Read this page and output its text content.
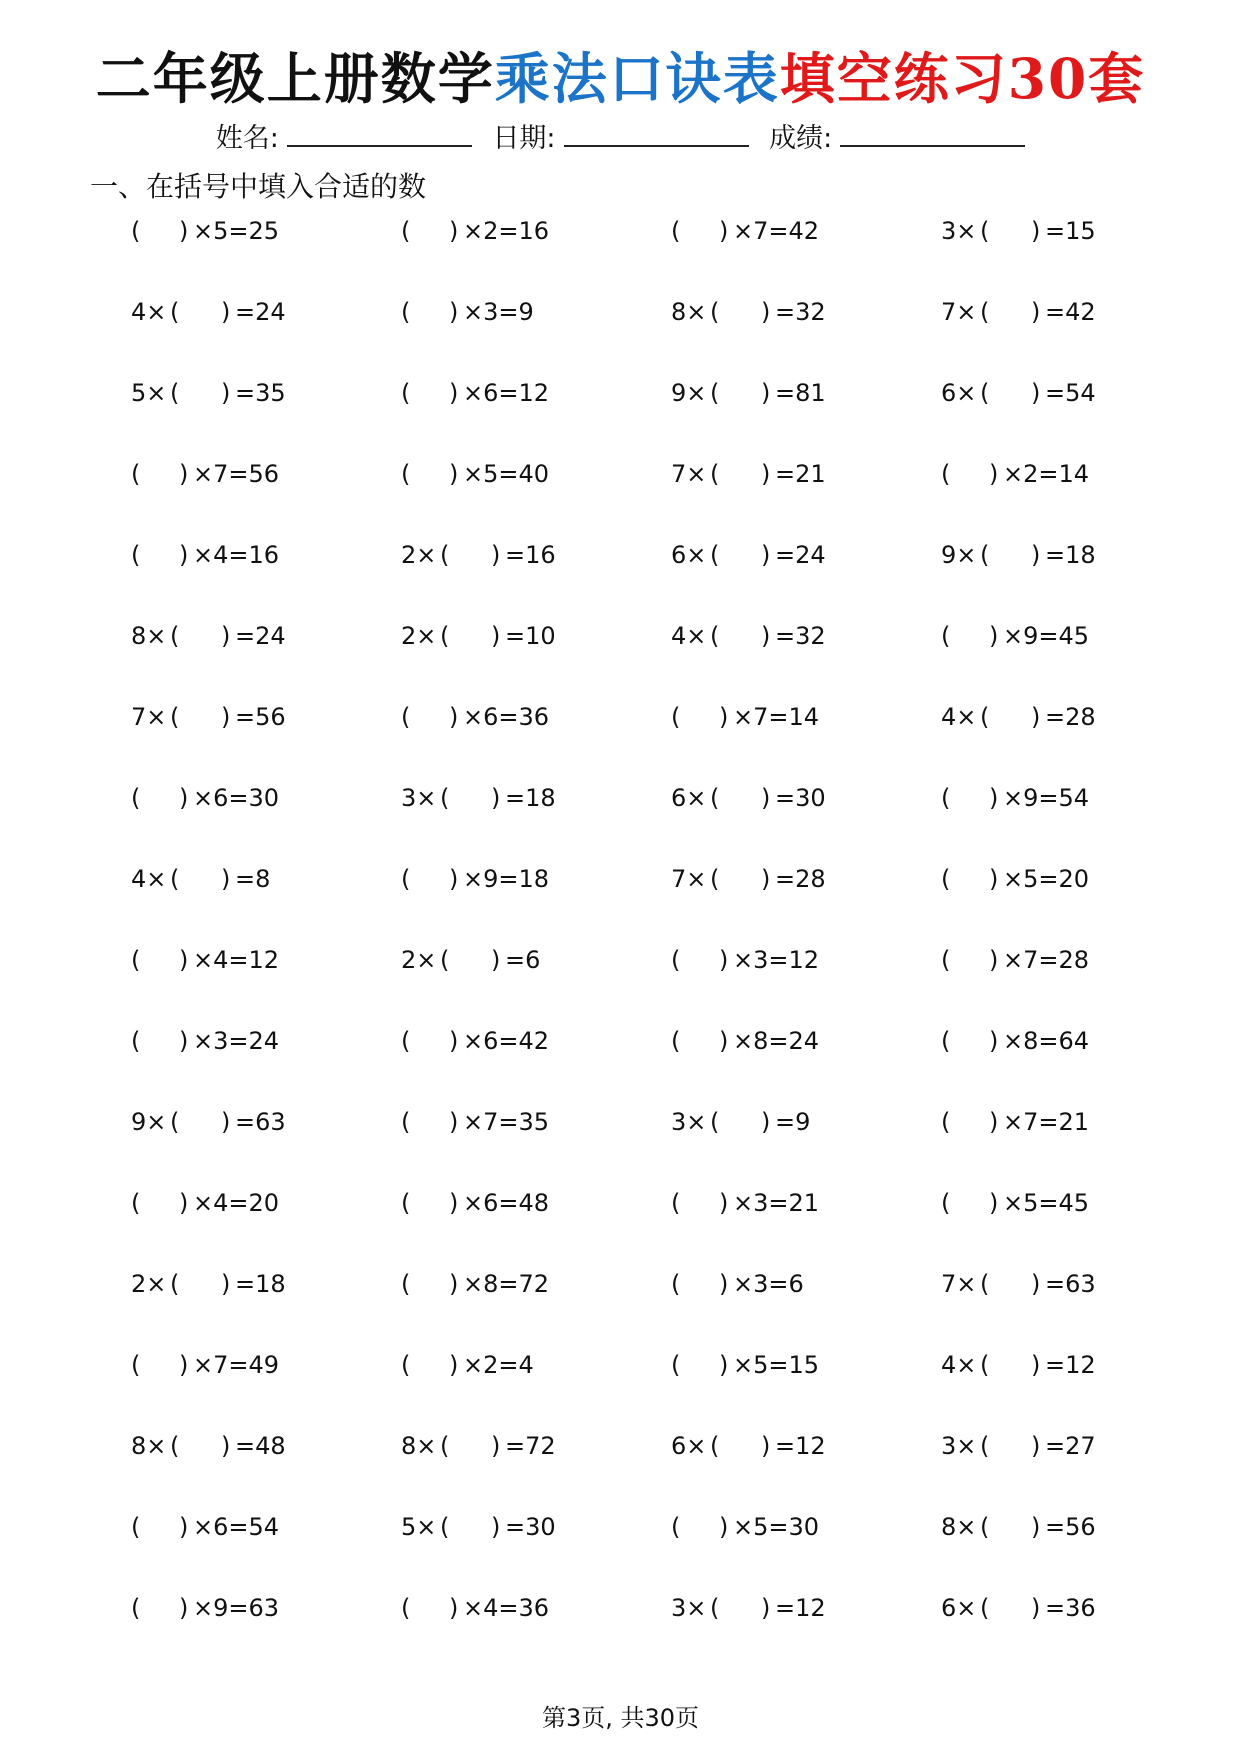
二年级上册数学乘法口诀表填空练习30套
姓名:	日期:	成绩:
一、在括号中填入合适的数
( ) ×5=25	( ) ×2=16	( ) ×7=42	3× ( ) =15
4× ( ) =24	( ) ×3=9	8× ( ) =32	7× ( ) =42
5× ( ) =35	( ) ×6=12	9× ( ) =81	6× ( ) =54
( ) ×7=56	( ) ×5=40	7× ( ) =21	( ) ×2=14
( ) ×4=16	2× ( ) =16	6× ( ) =24	9× ( ) =18
8× ( ) =24	2× ( ) =10	4× ( ) =32	( ) ×9=45
7× ( ) =56	( ) ×6=36	( ) ×7=14	4× ( ) =28
( ) ×6=30	3× ( ) =18	6× ( ) =30	( ) ×9=54
4× ( ) =8	( ) ×9=18	7× ( ) =28	( ) ×5=20
( ) ×4=12	2× ( ) =6	( ) ×3=12	( ) ×7=28
( ) ×3=24	( ) ×6=42	( ) ×8=24	( ) ×8=64
9× ( ) =63	( ) ×7=35	3× ( ) =9	( ) ×7=21
( ) ×4=20	( ) ×6=48	( ) ×3=21	( ) ×5=45
2× ( ) =18	( ) ×8=72	( ) ×3=6	7× ( ) =63
( ) ×7=49	( ) ×2=4	( ) ×5=15	4× ( ) =12
8× ( ) =48	8× ( ) =72	6× ( ) =12	3× ( ) =27
( ) ×6=54	5× ( ) =30	( ) ×5=30	8× ( ) =56
( ) ×9=63	( ) ×4=36	3× ( ) =12	6× ( ) =36
第3页, 共30页
